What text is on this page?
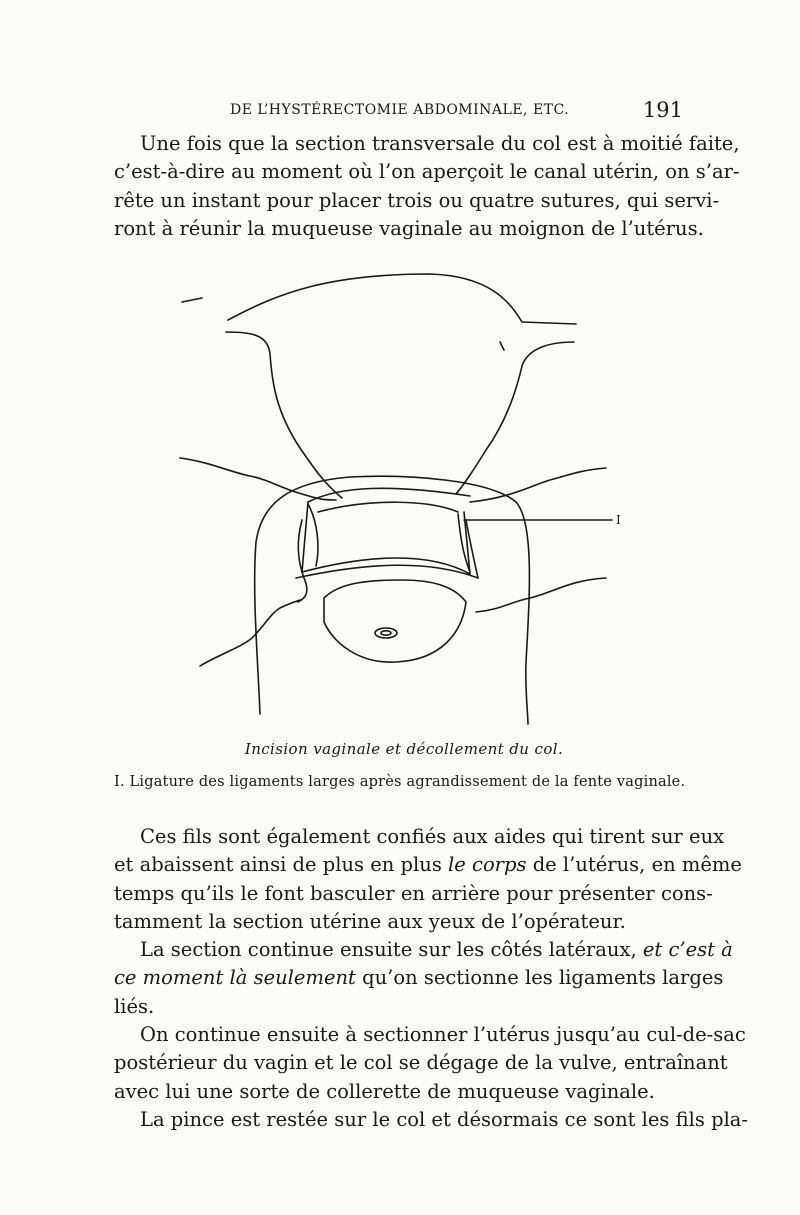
DE L’HYSTÉRECTOMIE ABDOMINALE, ETC.	191
Une fois que la section transversale du col est à moitié faite,
c’est-à-dire au moment où l’on aperçoit le canal utérin, on s’ar-
rête un instant pour placer trois ou quatre sutures, qui servi-
ront à réunir la muqueuse vaginale au moignon de l’utérus.
I
Incision vaginale et décollement du col.
I. Ligature des ligaments larges après agrandissement de la fente vaginale.
Ces fils sont également confiés aux aides qui tirent sur eux
et abaissent ainsi de plus en plus le corps de l’utérus, en même
temps qu’ils le font basculer en arrière pour présenter cons-
tamment la section utérine aux yeux de l’opérateur.
La section continue ensuite sur les côtés latéraux, et c’est à
ce moment là seulement qu’on sectionne les ligaments larges
liés.
On continue ensuite à sectionner l’utérus jusqu’au cul-de-sac
postérieur du vagin et le col se dégage de la vulve, entraînant
avec lui une sorte de collerette de muqueuse vaginale.
La pince est restée sur le col et désormais ce sont les fils pla-
